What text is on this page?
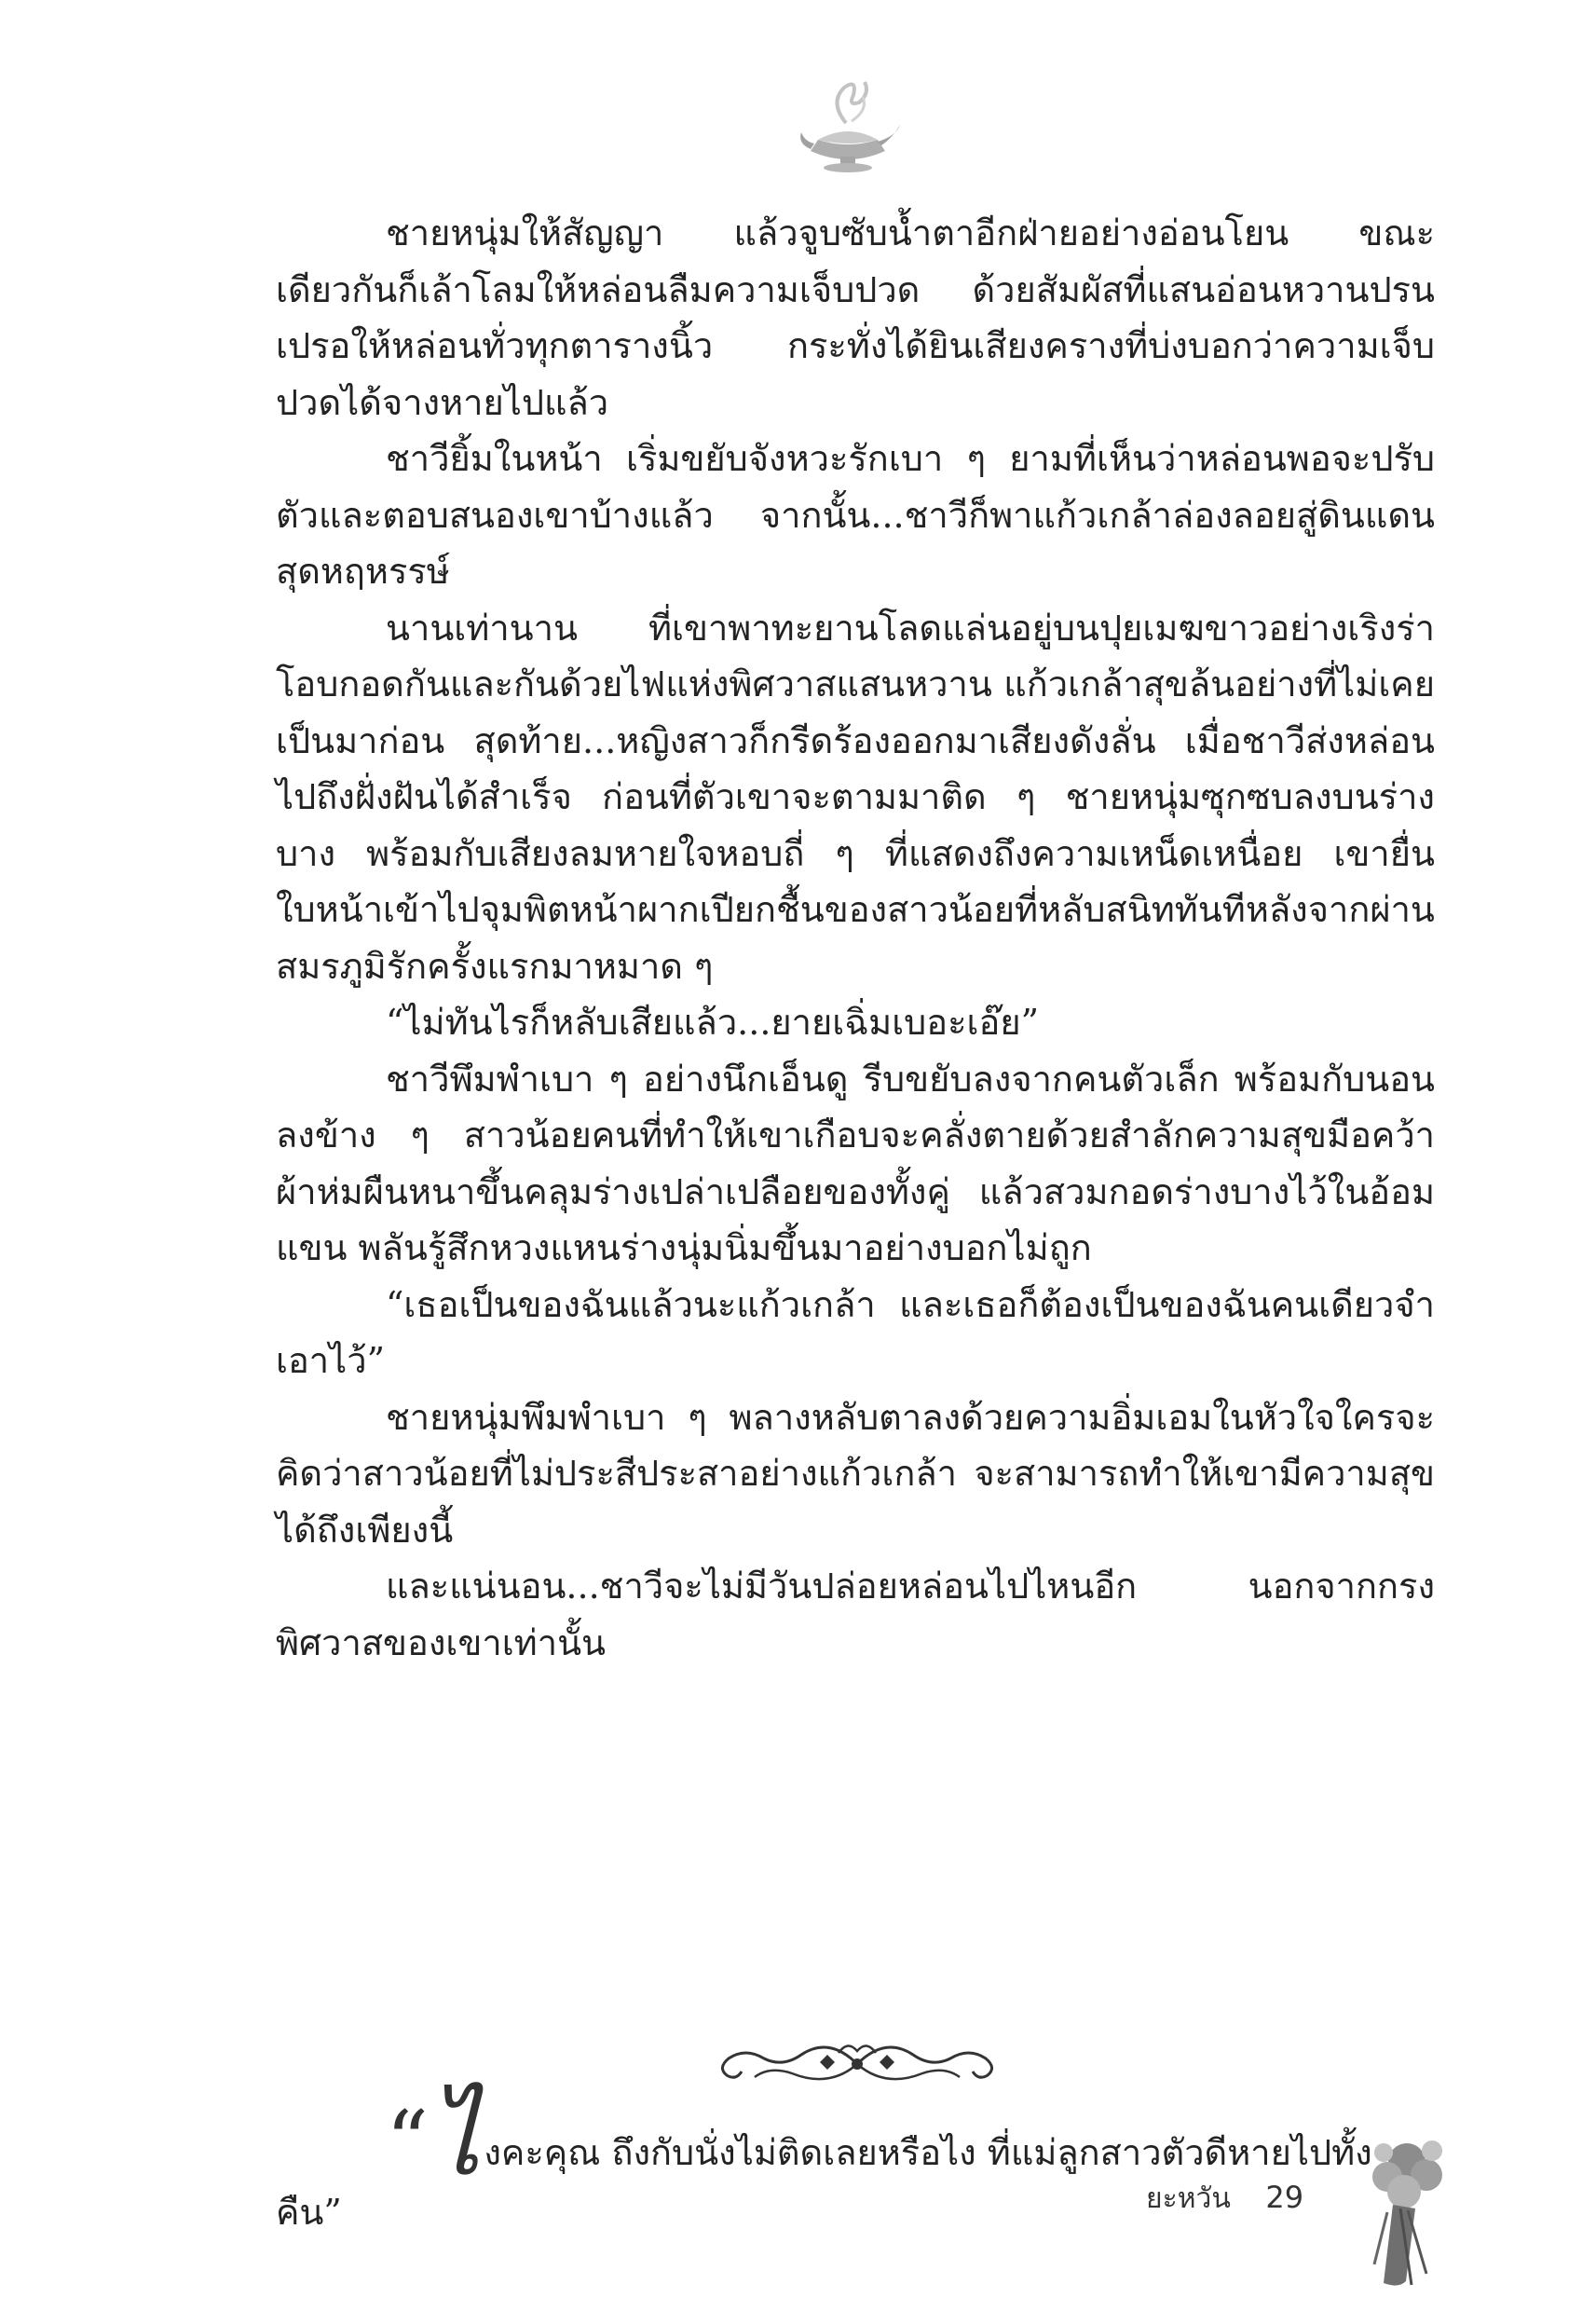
ชายหนุ่มให้สัญญา แล้วจูบซับน้ำตาอีกฝ่ายอย่างอ่อนโยน ขณะเดียวกันก็เล้าโลมให้หล่อนลืมความเจ็บปวด ด้วยสัมผัสที่แสนอ่อนหวานปรนเปรอให้หล่อนทั่วทุกตารางนิ้ว กระทั่งได้ยินเสียงครางที่บ่งบอกว่าความเจ็บปวดได้จางหายไปแล้ว

ชาวียิ้มในหน้า เริ่มขยับจังหวะรักเบา ๆ ยามที่เห็นว่าหล่อนพอจะปรับตัวและตอบสนองเขาบ้างแล้ว จากนั้น...ชาวีก็พาแก้วเกล้าล่องลอยสู่ดินแดนสุดหฤหรรษ์

นานเท่านาน ที่เขาพาทะยานโลดแล่นอยู่บนปุยเมฆขาวอย่างเริงร่าโอบกอดกันและกันด้วยไฟแห่งพิศวาสแสนหวาน แก้วเกล้าสุขล้นอย่างที่ไม่เคยเป็นมาก่อน สุดท้าย...หญิงสาวก็กรีดร้องออกมาเสียงดังลั่น เมื่อชาวีส่งหล่อนไปถึงฝั่งฝันได้สำเร็จ ก่อนที่ตัวเขาจะตามมาติด ๆ ชายหนุ่มซุกซบลงบนร่างบาง พร้อมกับเสียงลมหายใจหอบถี่ ๆ ที่แสดงถึงความเหน็ดเหนื่อย เขายื่นใบหน้าเข้าไปจุมพิตหน้าผากเปียกชื้นของสาวน้อยที่หลับสนิททันทีหลังจากผ่านสมรภูมิรักครั้งแรกมาหมาด ๆ

“ไม่ทันไรก็หลับเสียแล้ว...ยายเฉิ่มเบอะเอ๊ย”

ชาวีพึมพำเบา ๆ อย่างนึกเอ็นดู รีบขยับลงจากคนตัวเล็ก พร้อมกับนอนลงข้าง ๆ สาวน้อยคนที่ทำให้เขาเกือบจะคลั่งตายด้วยสำลักความสุขมือคว้าผ้าห่มผืนหนาขึ้นคลุมร่างเปล่าเปลือยของทั้งคู่ แล้วสวมกอดร่างบางไว้ในอ้อมแขน พลันรู้สึกหวงแหนร่างนุ่มนิ่มขึ้นมาอย่างบอกไม่ถูก

“เธอเป็นของฉันแล้วนะแก้วเกล้า และเธอก็ต้องเป็นของฉันคนเดียวจำเอาไว้”

ชายหนุ่มพึมพำเบา ๆ พลางหลับตาลงด้วยความอิ่มเอมในหัวใจใครจะคิดว่าสาวน้อยที่ไม่ประสีประสาอย่างแก้วเกล้า จะสามารถทำให้เขามีความสุขได้ถึงเพียงนี้

และแน่นอน...ชาวีจะไม่มีวันปล่อยหล่อนไปไหนอีก นอกจากกรงพิศวาสของเขาเท่านั้น

“ไ งคะคุณ ถึงกับนั่งไม่ติดเลยหรือไง ที่แม่ลูกสาวตัวดีหายไปทั้งคืน”	ยะหวัน 29
